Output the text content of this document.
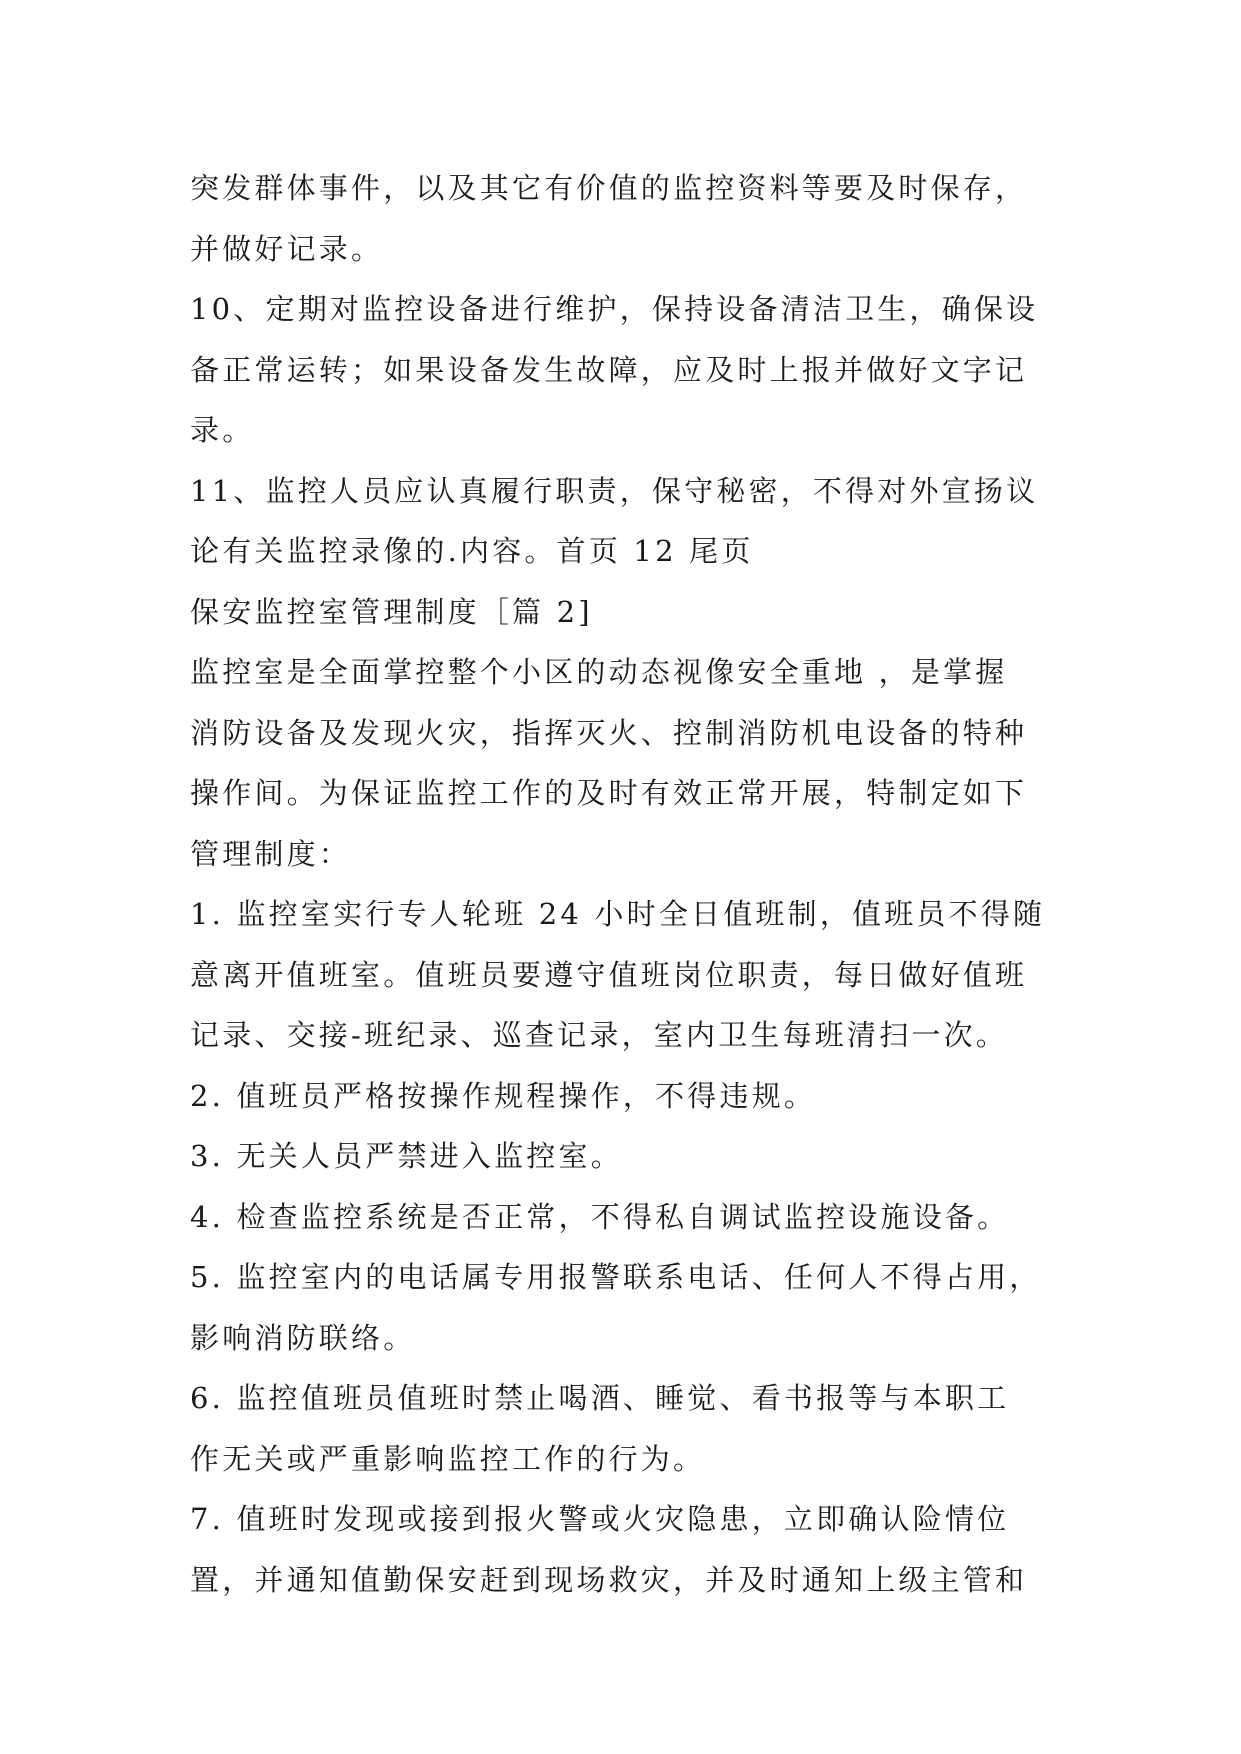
突发群体事件，以及其它有价值的监控资料等要及时保存，
并做好记录。
10、定期对监控设备进行维护，保持设备清洁卫生，确保设
备正常运转；如果设备发生故障，应及时上报并做好文字记
录。
11、监控人员应认真履行职责，保守秘密，不得对外宣扬议
论有关监控录像的.内容。首页 12 尾页
保安监控室管理制度［篇 2]
监控室是全面掌控整个小区的动态视像安全重地 ，是掌握
消防设备及发现火灾，指挥灭火、控制消防机电设备的特种
操作间。为保证监控工作的及时有效正常开展，特制定如下
管理制度：
1. 监控室实行专人轮班 24 小时全日值班制，值班员不得随
意离开值班室。值班员要遵守值班岗位职责，每日做好值班
记录、交接-班纪录、巡查记录，室内卫生每班清扫一次。
2. 值班员严格按操作规程操作，不得违规。
3. 无关人员严禁进入监控室。
4. 检查监控系统是否正常，不得私自调试监控设施设备。
5. 监控室内的电话属专用报警联系电话、任何人不得占用，
影响消防联络。
6. 监控值班员值班时禁止喝酒、睡觉、看书报等与本职工
作无关或严重影响监控工作的行为。
7. 值班时发现或接到报火警或火灾隐患，立即确认险情位
置，并通知值勤保安赶到现场救灾，并及时通知上级主管和
